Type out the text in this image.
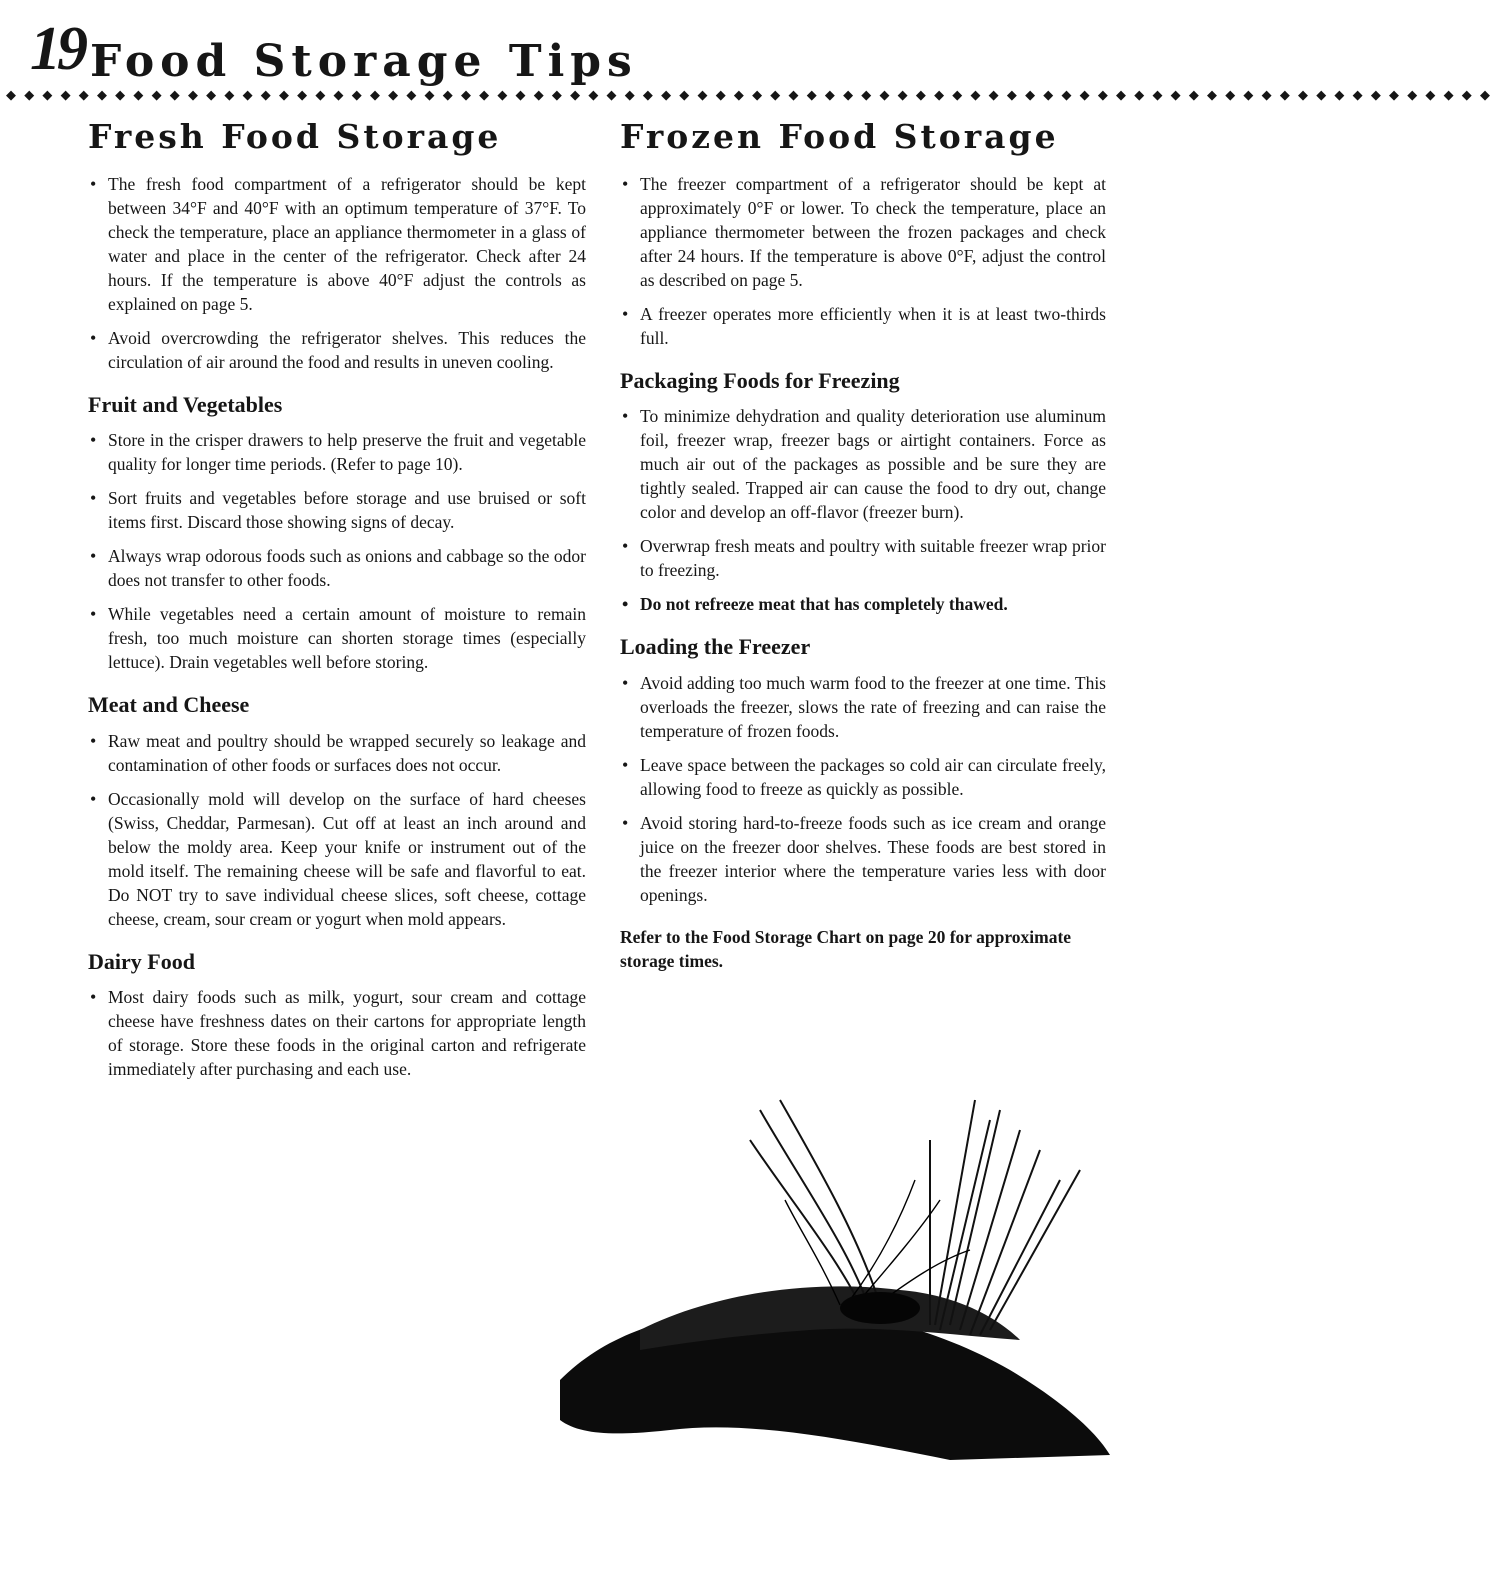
19 Food Storage Tips
◆◆◆◆◆◆◆◆◆◆◆◆◆◆◆◆◆◆◆◆◆◆◆◆◆◆◆◆◆◆◆◆◆◆◆◆◆◆◆◆◆◆◆◆◆◆◆◆◆◆◆◆◆◆◆◆◆◆◆◆◆◆◆◆◆◆◆◆◆◆◆◆◆◆◆◆◆◆◆◆◆◆
Fresh Food Storage
• The fresh food compartment of a refrigerator should be kept between 34°F and 40°F with an optimum temperature of 37°F. To check the temperature, place an appliance thermometer in a glass of water and place in the center of the refrigerator. Check after 24 hours. If the temperature is above 40°F adjust the controls as explained on page 5.
• Avoid overcrowding the refrigerator shelves. This reduces the circulation of air around the food and results in uneven cooling.
Fruit and Vegetables
• Store in the crisper drawers to help preserve the fruit and vegetable quality for longer time periods. (Refer to page 10).
• Sort fruits and vegetables before storage and use bruised or soft items first. Discard those showing signs of decay.
• Always wrap odorous foods such as onions and cabbage so the odor does not transfer to other foods.
• While vegetables need a certain amount of moisture to remain fresh, too much moisture can shorten storage times (especially lettuce). Drain vegetables well before storing.
Meat and Cheese
• Raw meat and poultry should be wrapped securely so leakage and contamination of other foods or surfaces does not occur.
• Occasionally mold will develop on the surface of hard cheeses (Swiss, Cheddar, Parmesan). Cut off at least an inch around and below the moldy area. Keep your knife or instrument out of the mold itself. The remaining cheese will be safe and flavorful to eat. Do NOT try to save individual cheese slices, soft cheese, cottage cheese, cream, sour cream or yogurt when mold appears.
Dairy Food
• Most dairy foods such as milk, yogurt, sour cream and cottage cheese have freshness dates on their cartons for appropriate length of storage. Store these foods in the original carton and refrigerate immediately after purchasing and each use.
Frozen Food Storage
• The freezer compartment of a refrigerator should be kept at approximately 0°F or lower. To check the temperature, place an appliance thermometer between the frozen packages and check after 24 hours. If the temperature is above 0°F, adjust the control as described on page 5.
• A freezer operates more efficiently when it is at least two-thirds full.
Packaging Foods for Freezing
• To minimize dehydration and quality deterioration use aluminum foil, freezer wrap, freezer bags or airtight containers. Force as much air out of the packages as possible and be sure they are tightly sealed. Trapped air can cause the food to dry out, change color and develop an off-flavor (freezer burn).
• Overwrap fresh meats and poultry with suitable freezer wrap prior to freezing.
• Do not refreeze meat that has completely thawed.
Loading the Freezer
• Avoid adding too much warm food to the freezer at one time. This overloads the freezer, slows the rate of freezing and can raise the temperature of frozen foods.
• Leave space between the packages so cold air can circulate freely, allowing food to freeze as quickly as possible.
• Avoid storing hard-to-freeze foods such as ice cream and orange juice on the freezer door shelves. These foods are best stored in the freezer interior where the temperature varies less with door openings.

Refer to the Food Storage Chart on page 20 for approximate storage times.
